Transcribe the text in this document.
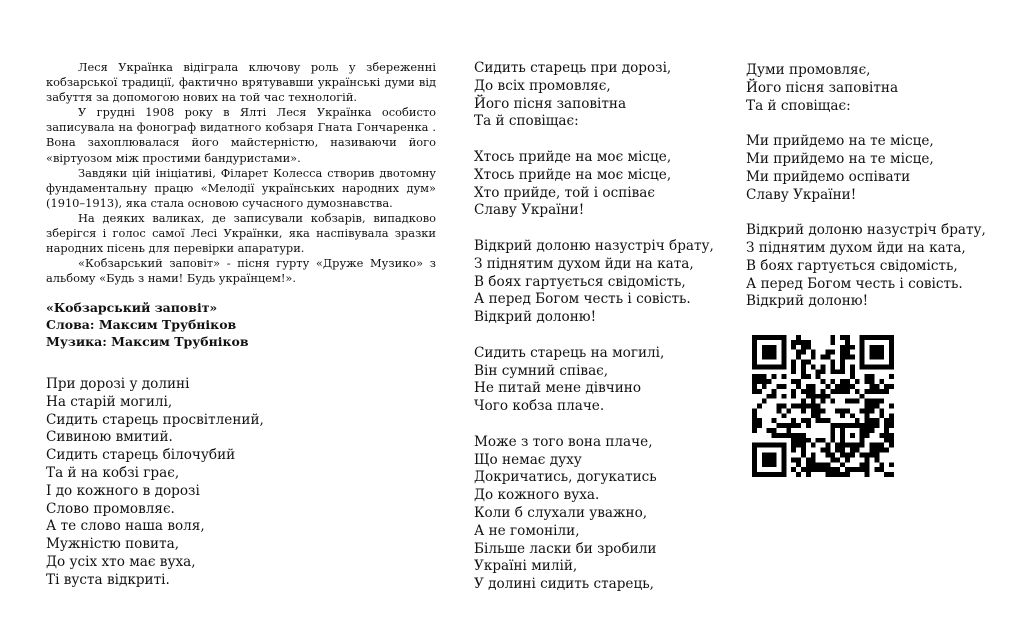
Леся Українка відіграла ключову роль у збереженні кобзарської традиції, фактично врятувавши українські думи від забуття за допомогою нових на той час технологій.

У грудні 1908 року в Ялті Леся Українка особисто записувала на фонограф видатного кобзаря Гната Гончаренка . Вона захоплювалася його майстерністю, називаючи його «віртуозом між простими бандуристами».

Завдяки цій ініціативі, Філарет Колесса створив двотомну фундаментальну працю «Мелодії українських народних дум» (1910–1913), яка стала основою сучасного думознавства.

На деяких валиках, де записували кобзарів, випадково зберігся і голос самої Лесі Українки, яка наспівувала зразки народних пісень для перевірки апаратури.

«Кобзарський заповіт» - пісня гурту «Друже Музико» з альбому «Будь з нами! Будь українцем!».

«Кобзарський заповіт»
Слова: Максим Трубніков
Музика: Максим Трубніков
При дорозі у долині
На старій могилі,
Сидить старець просвітлений,
Сивиною вмитий.
Сидить старець білочубий
Та й на кобзі грає,
І до кожного в дорозі
Слово промовляє.
А те слово наша воля,
Мужністю повита,
До усіх хто має вуха,
Ті вуста відкриті.
Сидить старець при дорозі,
До всіх промовляє,
Його пісня заповітна
Та й сповіщає:
Хтось прийде на моє місце,
Хтось прийде на моє місце,
Хто прийде, той і оспіває
Славу України!
Відкрий долоню назустріч брату,
З піднятим духом йди на ката,
В боях гартується свідомість,
А перед Богом честь і совість.
Відкрий долоню!
Сидить старець на могилі,
Він сумний співає,
Не питай мене дівчино
Чого кобза плаче.
Може з того вона плаче,
Що немає духу
Докричатись, догукатись
До кожного вуха.
Коли б слухали уважно,
А не гомоніли,
Більше ласки би зробили
Україні милій,
У долині сидить старець,
Думи промовляє,
Його пісня заповітна
Та й сповіщає:
Ми прийдемо на те місце,
Ми прийдемо на те місце,
Ми прийдемо оспівати
Славу України!
Відкрий долоню назустріч брату,
З піднятим духом йди на ката,
В боях гартується свідомість,
А перед Богом честь і совість.
Відкрий долоню!
